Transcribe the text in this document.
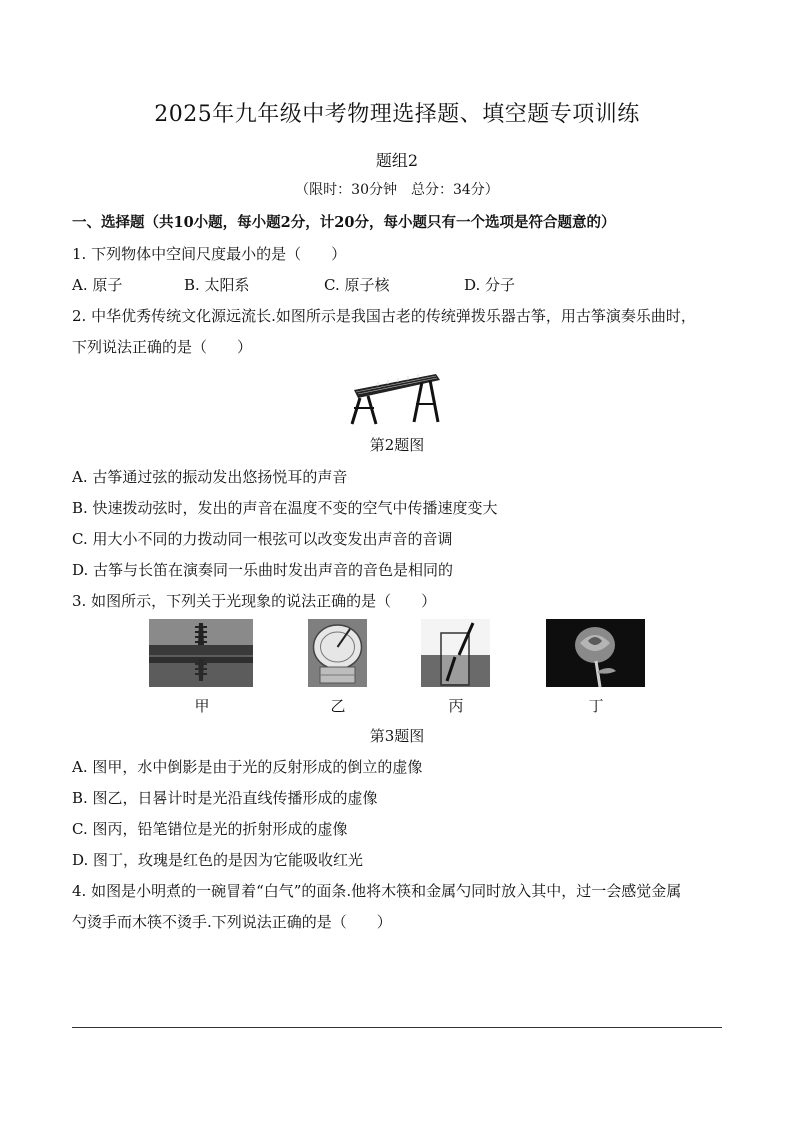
2025年九年级中考物理选择题、填空题专项训练
题组2
（限时：30分钟　总分：34分）
一、选择题（共10小题，每小题2分，计20分，每小题只有一个选项是符合题意的）
1. 下列物体中空间尺度最小的是（　　）
A. 原子	B. 太阳系	C. 原子核	D. 分子
2. 中华优秀传统文化源远流长.如图所示是我国古老的传统弹拨乐器古筝，用古筝演奏乐曲时，
下列说法正确的是（　　）
第2题图
A. 古筝通过弦的振动发出悠扬悦耳的声音
B. 快速拨动弦时，发出的声音在温度不变的空气中传播速度变大
C. 用大小不同的力拨动同一根弦可以改变发出声音的音调
D. 古筝与长笛在演奏同一乐曲时发出声音的音色是相同的
3. 如图所示，下列关于光现象的说法正确的是（　　）
甲	乙	丙	丁
第3题图
A. 图甲，水中倒影是由于光的反射形成的倒立的虚像
B. 图乙，日晷计时是光沿直线传播形成的虚像
C. 图丙，铅笔错位是光的折射形成的虚像
D. 图丁，玫瑰是红色的是因为它能吸收红光
4. 如图是小明煮的一碗冒着“白气”的面条.他将木筷和金属勺同时放入其中，过一会感觉金属
勺烫手而木筷不烫手.下列说法正确的是（　　）
